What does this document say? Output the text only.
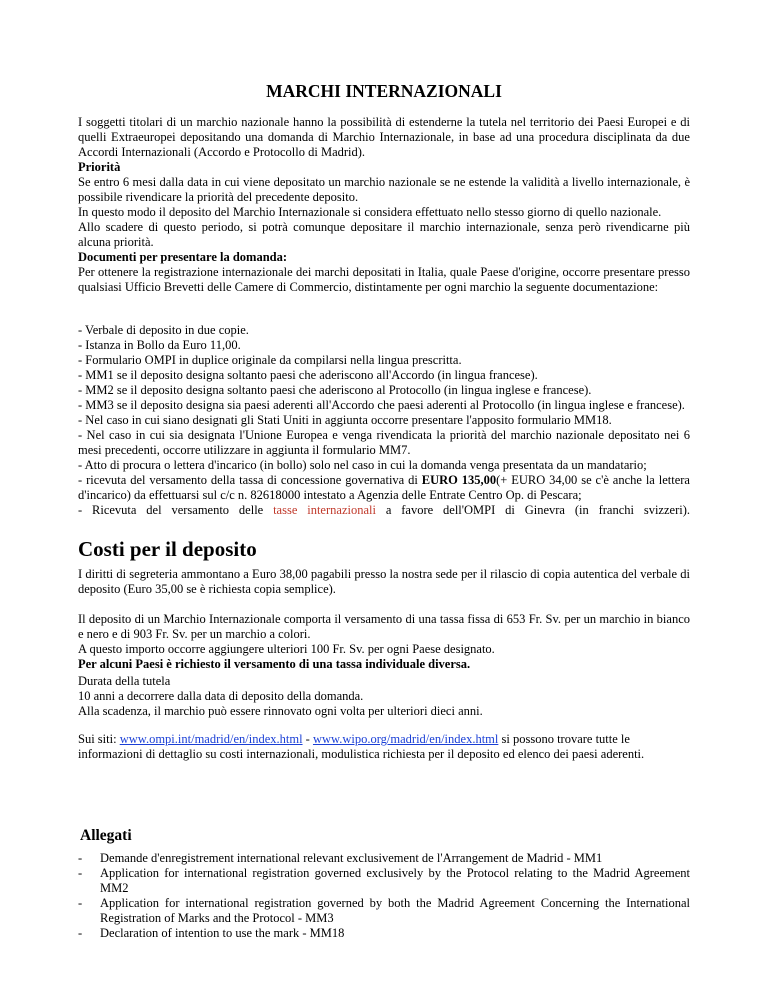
MARCHI INTERNAZIONALI
I soggetti titolari di un marchio nazionale hanno la possibilità di estenderne la tutela nel territorio dei Paesi Europei e di quelli Extraeuropei depositando una domanda di Marchio Internazionale, in base ad una procedura disciplinata da due Accordi Internazionali (Accordo e Protocollo di Madrid).
Priorità
Se entro 6 mesi dalla data in cui viene depositato un marchio nazionale se ne estende la validità a livello internazionale, è possibile rivendicare la priorità del precedente deposito.
In questo modo il deposito del Marchio Internazionale si considera effettuato nello stesso giorno di quello nazionale.
Allo scadere di questo periodo, si potrà comunque depositare il marchio internazionale, senza però rivendicarne più alcuna priorità.
Documenti per presentare la domanda:
Per ottenere la registrazione internazionale dei marchi depositati in Italia, quale Paese d'origine, occorre presentare presso qualsiasi Ufficio Brevetti delle Camere di Commercio, distintamente per ogni marchio la seguente documentazione:
- Verbale di deposito in due copie.
- Istanza in Bollo da Euro 11,00.
- Formulario OMPI in duplice originale da compilarsi nella lingua prescritta.
- MM1 se il deposito designa soltanto paesi che aderiscono all'Accordo (in lingua francese).
- MM2 se il deposito designa soltanto paesi che aderiscono al Protocollo (in lingua inglese e francese).
- MM3 se il deposito designa sia paesi aderenti all'Accordo che paesi aderenti al Protocollo (in lingua inglese e francese).
- Nel caso in cui siano designati gli Stati Uniti in aggiunta occorre presentare l'apposito formulario MM18.
- Nel caso in cui sia designata l'Unione Europea e venga rivendicata la priorità del marchio nazionale depositato nei 6 mesi precedenti, occorre utilizzare in aggiunta il formulario MM7.
- Atto di procura o lettera d'incarico (in bollo) solo nel caso in cui la domanda venga presentata da un mandatario;
- ricevuta del versamento della tassa di concessione governativa di EURO 135,00(+ EURO 34,00 se c'è anche la lettera d'incarico) da effettuarsi sul c/c n. 82618000 intestato a Agenzia delle Entrate Centro Op. di Pescara;
- Ricevuta del versamento delle tasse internazionali a favore dell'OMPI di Ginevra (in franchi svizzeri).
Costi per il deposito
I diritti di segreteria ammontano a Euro 38,00 pagabili presso la nostra sede per il rilascio di copia autentica del verbale di deposito (Euro 35,00 se è richiesta copia semplice).
Il deposito di un Marchio Internazionale comporta il versamento di una tassa fissa di 653 Fr. Sv. per un marchio in bianco e nero e di 903 Fr. Sv. per un marchio a colori.
A questo importo occorre aggiungere ulteriori 100 Fr. Sv. per ogni Paese designato.
Per alcuni Paesi è richiesto il versamento di una tassa individuale diversa.
Durata della tutela
10 anni a decorrere dalla data di deposito della domanda.
Alla scadenza, il marchio può essere rinnovato ogni volta per ulteriori dieci anni.
Sui siti: www.ompi.int/madrid/en/index.html - www.wipo.org/madrid/en/index.html si possono trovare tutte le informazioni di dettaglio su costi internazionali, modulistica richiesta per il deposito ed elenco dei paesi aderenti.
Allegati
- Demande d'enregistrement international relevant exclusivement de l'Arrangement de Madrid - MM1
- Application for international registration governed exclusively by the Protocol relating to the Madrid Agreement MM2
- Application for international registration governed by both the Madrid Agreement Concerning the International Registration of Marks and the Protocol - MM3
- Declaration of intention to use the mark - MM18
